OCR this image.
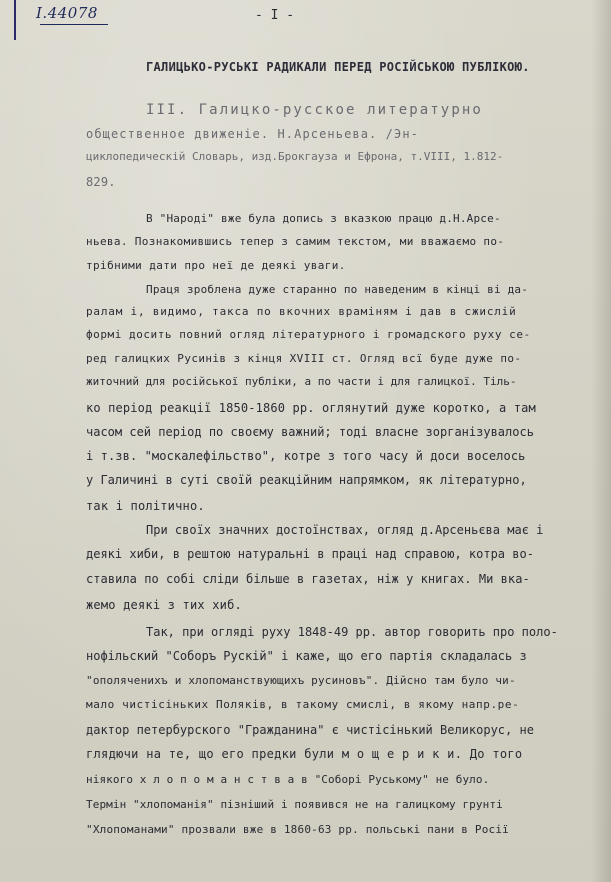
I.44078	- I -
ГАЛИЦЬКО-РУСЬКІ РАДИКАЛИ ПЕРЕД РОСІЙСЬКОЮ ПУБЛІКОЮ.
III. Галицко-русское литературно
общественное движенiе. Н.Арсеньева. /Эн-
циклопедическiй Словарь, изд.Брокгауза и Ефрона, т.VIII, 1.812-
829.
В "Народі" вже була допись з вказкою працю д.Н.Арсе-
ньева. Познакомившись тепер з самим текстом, ми вважаємо по-
трібними дати про неї де деякі уваги.
Праця зроблена дуже старанно по наведеним в кінці ві да-
ралам і, видимо, такса по вкочних враміням і дав в сжислій
формі досить повний огляд літературного і громадского руху се-
ред галицких Русинів з кінця XVIII ст. Огляд всї буде дуже по-
житочний для російської публіки, а по части і для галицкої. Тіль-
ко період реакції 1850-1860 рр. оглянутий дуже коротко, а там
часом сей період по своєму важний; тоді власне зорганізувалось
і т.зв. "москалефільство", котре з того часу й доси воселось
у Галичині в суті своїй реакційним напрямком, як літературно,
так і політично.
При своїх значних достоїнствах, огляд д.Арсеньєва має і
деякі хиби, в рештою натуральні в праці над справою, котра во-
ставила по собі сліди більше в газетах, ніж у книгах. Ми вка-
жемо деякі з тих хиб.
Так, при огляді руху 1848-49 рр. автор говорить про поло-
нофільский "Соборъ Рускій" і каже, що его партія складалась з
"ополячениxъ и хлопоманствующихъ русиновъ". Дійсно там було чи-
мало чистісіньких Поляків, в такому смислі, в якому напр.ре-
дактор петербурского "Гражданина" є чистісінький Великорус, не
глядючи на те, що его предки були м о щ е р и к и. До того
ніякого х л о п о м а н с т в а в "Соборі Руському" не було.
Термін "хлопоманія" пізніший і появився не на галицкому грунті
"Хлопоманами" прозвали вже в 1860-63 рр. польські пани в Росії
